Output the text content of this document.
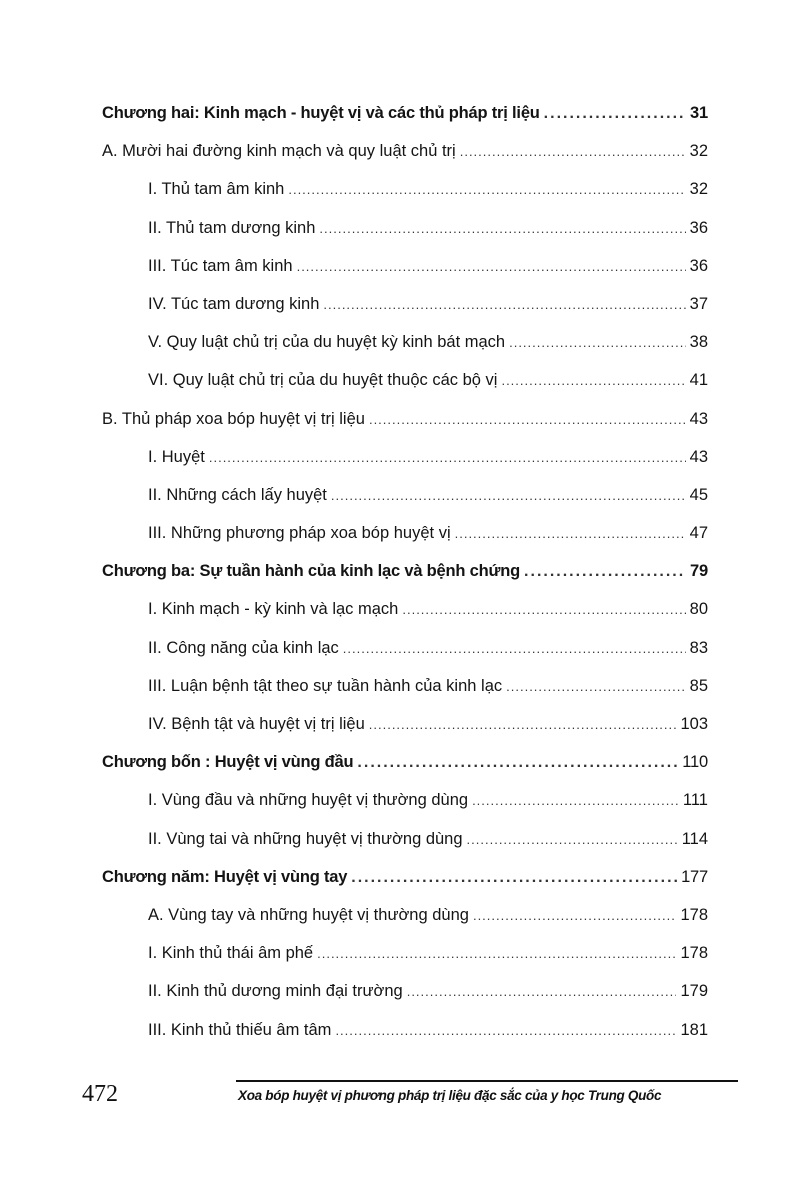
Chương hai: Kinh mạch - huyệt vị và các thủ pháp trị liệu .....	31
A. Mười hai đường kinh mạch và quy luật chủ trị .....	32
I. Thủ tam âm kinh .....	32
II. Thủ tam dương kinh .....	36
III. Túc tam âm kinh .....	36
IV. Túc tam dương kinh .....	37
V. Quy luật chủ trị của du huyệt kỳ kinh bát mạch .....	38
VI. Quy luật chủ trị của du huyệt thuộc các bộ vị .....	41
B. Thủ pháp xoa bóp huyệt vị trị liệu .....	43
I. Huyệt .....	43
II. Những cách lấy huyệt .....	45
III. Những phương pháp xoa bóp huyệt vị .....	47
Chương ba: Sự tuần hành của kinh lạc và bệnh chứng .....	79
I. Kinh mạch - kỳ kinh và lạc mạch .....	80
II. Công năng của kinh lạc .....	83
III. Luận bệnh tật theo sự tuần hành của kinh lạc .....	85
IV. Bệnh tật và huyệt vị trị liệu .....	103
Chương bốn : Huyệt vị vùng đầu .....	110
I. Vùng đầu và những huyệt vị thường dùng .....	111
II. Vùng tai và những huyệt vị thường dùng .....	114
Chương năm: Huyệt vị vùng tay .....	177
A. Vùng tay và những huyệt vị thường dùng .....	178
I. Kinh thủ thái âm phế .....	178
II. Kinh thủ dương minh đại trường .....	179
III. Kinh thủ thiếu âm tâm .....	181
472	Xoa bóp huyệt vị phương pháp trị liệu đặc sắc của y học Trung Quốc
